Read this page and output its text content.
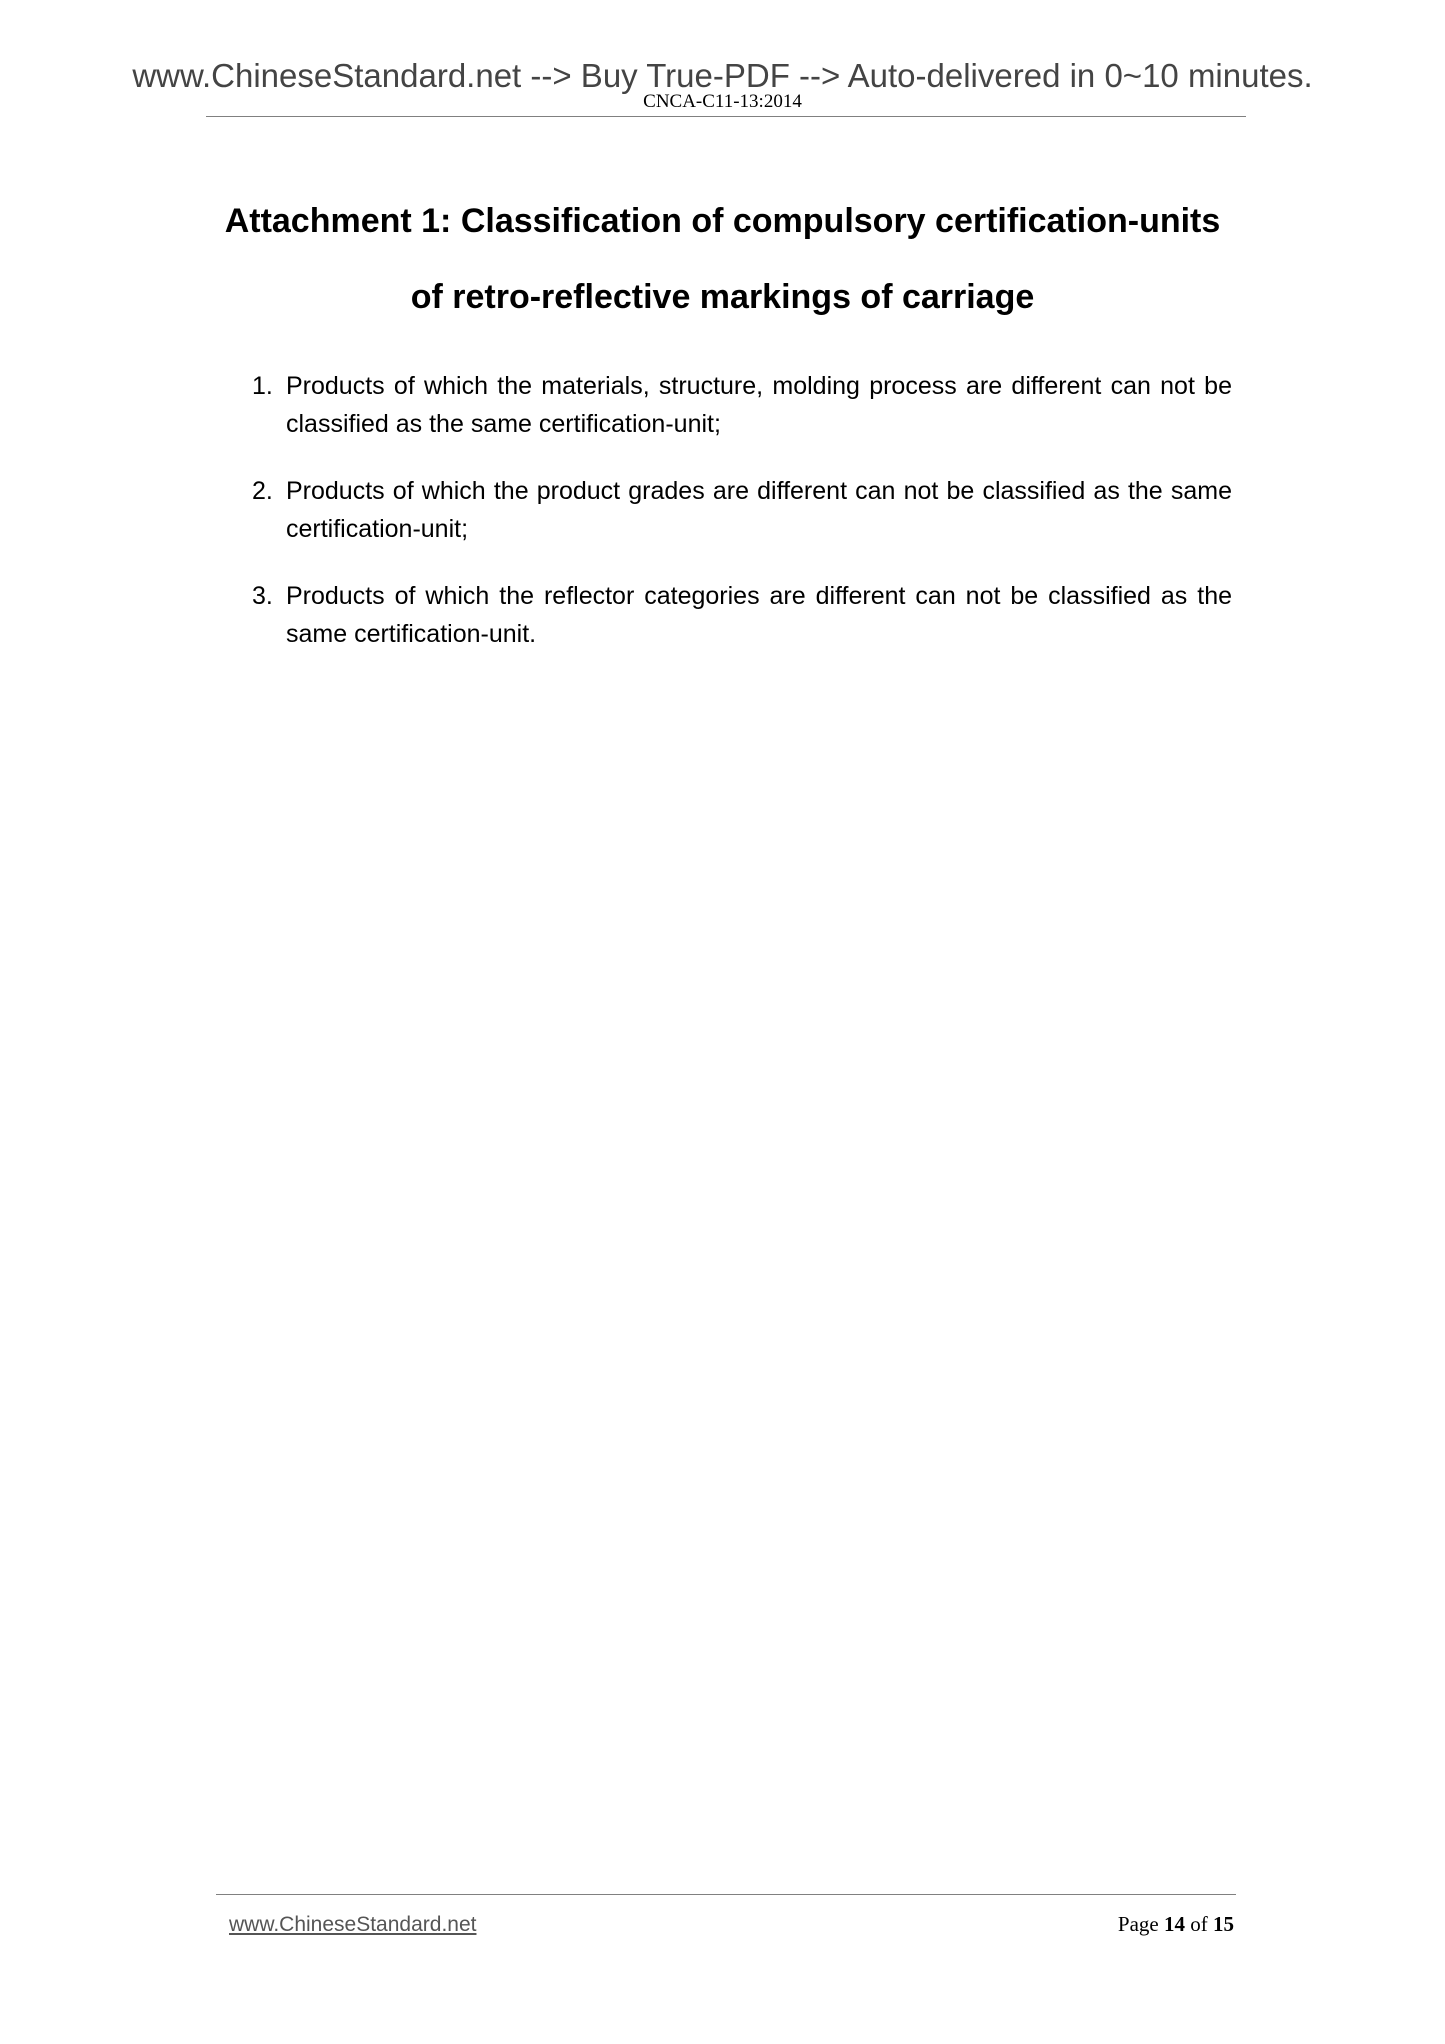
www.ChineseStandard.net --> Buy True-PDF --> Auto-delivered in 0~10 minutes.
CNCA-C11-13:2014
Attachment 1: Classification of compulsory certification-units
of retro-reflective markings of carriage
1. Products of which the materials, structure, molding process are different can not be classified as the same certification-unit;
2. Products of which the product grades are different can not be classified as the same certification-unit;
3. Products of which the reflector categories are different can not be classified as the same certification-unit.
www.ChineseStandard.net	Page 14 of 15
